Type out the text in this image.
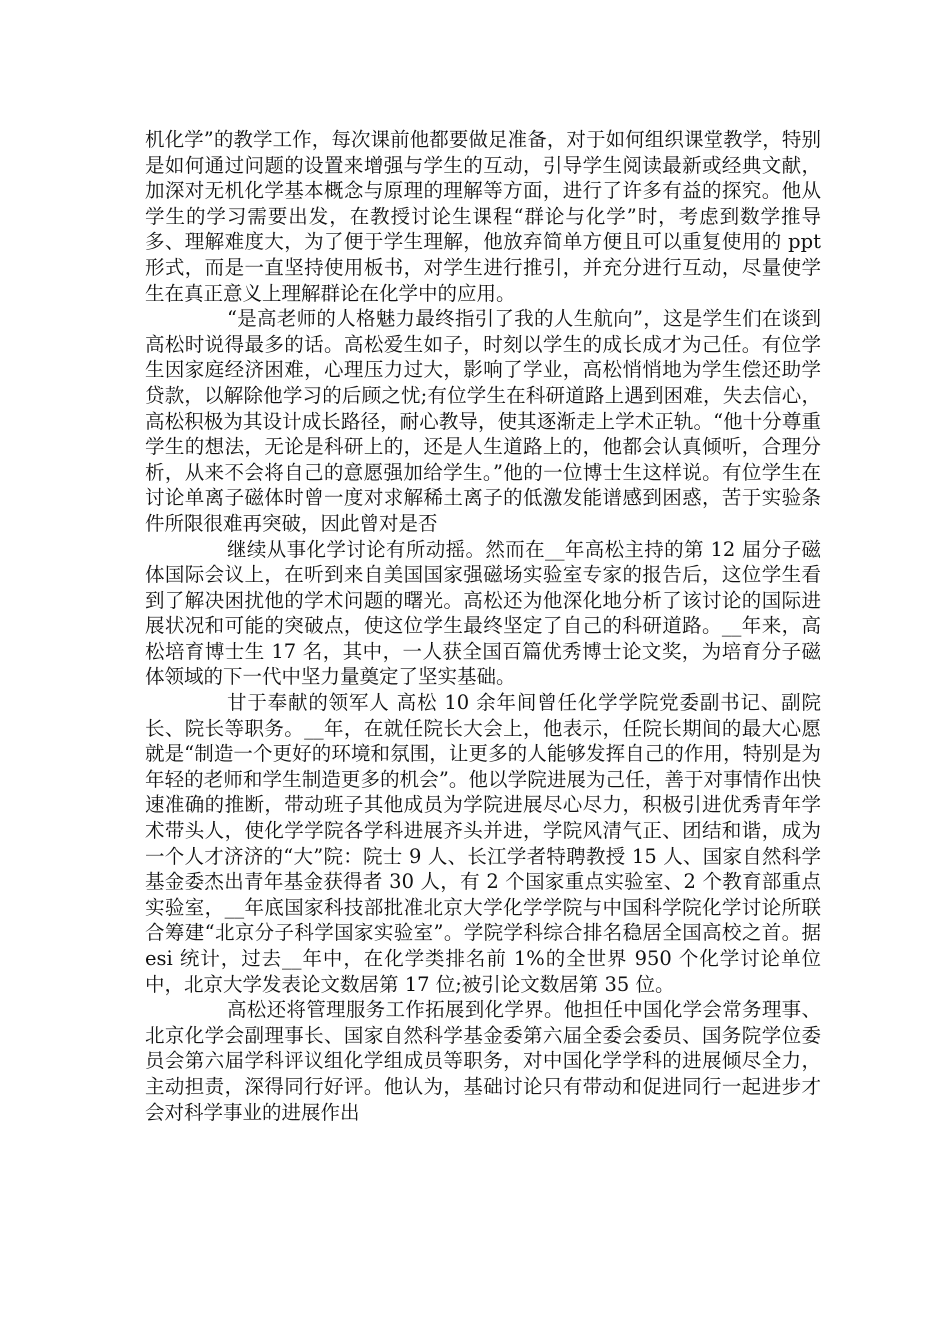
机化学”的教学工作，每次课前他都要做足准备，对于如何组织课堂教学，特别是如何通过问题的设置来增强与学生的互动，引导学生阅读最新或经典文献，加深对无机化学基本概念与原理的理解等方面，进行了许多有益的探究。他从学生的学习需要出发，在教授讨论生课程“群论与化学”时，考虑到数学推导多、理解难度大，为了便于学生理解，他放弃简单方便且可以重复使用的 ppt 形式，而是一直坚持使用板书，对学生进行推引，并充分进行互动，尽量使学生在真正意义上理解群论在化学中的应用。

“是高老师的人格魅力最终指引了我的人生航向”，这是学生们在谈到高松时说得最多的话。高松爱生如子，时刻以学生的成长成才为己任。有位学生因家庭经济困难，心理压力过大，影响了学业，高松悄悄地为学生偿还助学贷款，以解除他学习的后顾之忧;有位学生在科研道路上遇到困难，失去信心，高松积极为其设计成长路径，耐心教导，使其逐渐走上学术正轨。“他十分尊重学生的想法，无论是科研上的，还是人生道路上的，他都会认真倾听，合理分析，从来不会将自己的意愿强加给学生。”他的一位博士生这样说。有位学生在讨论单离子磁体时曾一度对求解稀土离子的低激发能谱感到困惑，苦于实验条件所限很难再突破，因此曾对是否

继续从事化学讨论有所动摇。然而在__年高松主持的第 12 届分子磁体国际会议上，在听到来自美国国家强磁场实验室专家的报告后，这位学生看到了解决困扰他的学术问题的曙光。高松还为他深化地分析了该讨论的国际进展状况和可能的突破点，使这位学生最终坚定了自己的科研道路。__年来，高松培育博士生 17 名，其中，一人获全国百篇优秀博士论文奖，为培育分子磁体领域的下一代中坚力量奠定了坚实基础。

甘于奉献的领军人 高松 10 余年间曾任化学学院党委副书记、副院长、院长等职务。__年，在就任院长大会上，他表示，任院长期间的最大心愿就是“制造一个更好的环境和氛围，让更多的人能够发挥自己的作用，特别是为年轻的老师和学生制造更多的机会”。他以学院进展为己任，善于对事情作出快速准确的推断，带动班子其他成员为学院进展尽心尽力，积极引进优秀青年学术带头人，使化学学院各学科进展齐头并进，学院风清气正、团结和谐，成为一个人才济济的“大”院：院士 9 人、长江学者特聘教授 15 人、国家自然科学基金委杰出青年基金获得者 30 人，有 2 个国家重点实验室、2 个教育部重点实验室，__年底国家科技部批准北京大学化学学院与中国科学院化学讨论所联合筹建“北京分子科学国家实验室”。学院学科综合排名稳居全国高校之首。据 esi 统计，过去__年中，在化学类排名前 1%的全世界 950 个化学讨论单位中，北京大学发表论文数居第 17 位;被引论文数居第 35 位。

高松还将管理服务工作拓展到化学界。他担任中国化学会常务理事、北京化学会副理事长、国家自然科学基金委第六届全委会委员、国务院学位委员会第六届学科评议组化学组成员等职务，对中国化学学科的进展倾尽全力，主动担责，深得同行好评。他认为，基础讨论只有带动和促进同行一起进步才会对科学事业的进展作出
